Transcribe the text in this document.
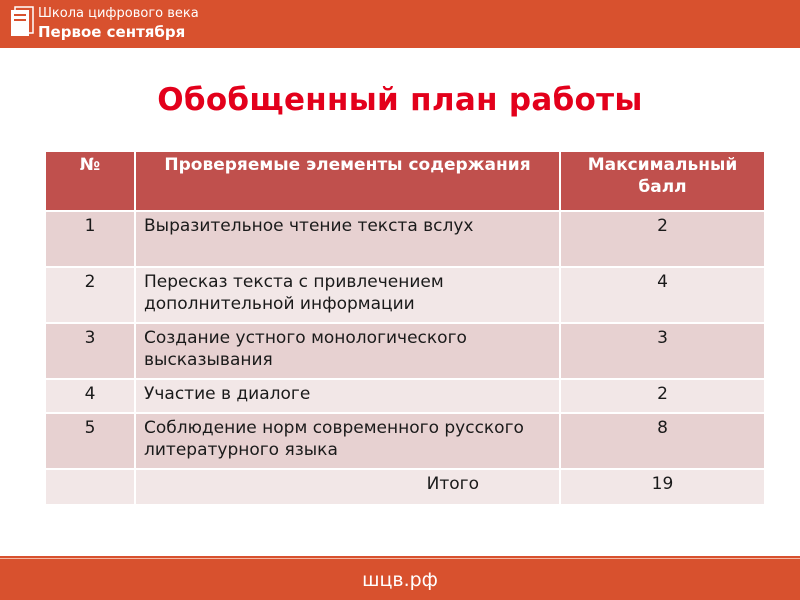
Школа цифрового века
Первое сентября
Обобщенный план работы
№	Проверяемые элементы содержания	Максимальный балл
1	Выразительное чтение текста вслух	2
2	Пересказ текста с привлечением дополнительной информации	4
3	Создание устного монологического высказывания	3
4	Участие в диалоге	2
5	Соблюдение норм современного русского литературного языка	8
	Итого	19
шцв.рф
